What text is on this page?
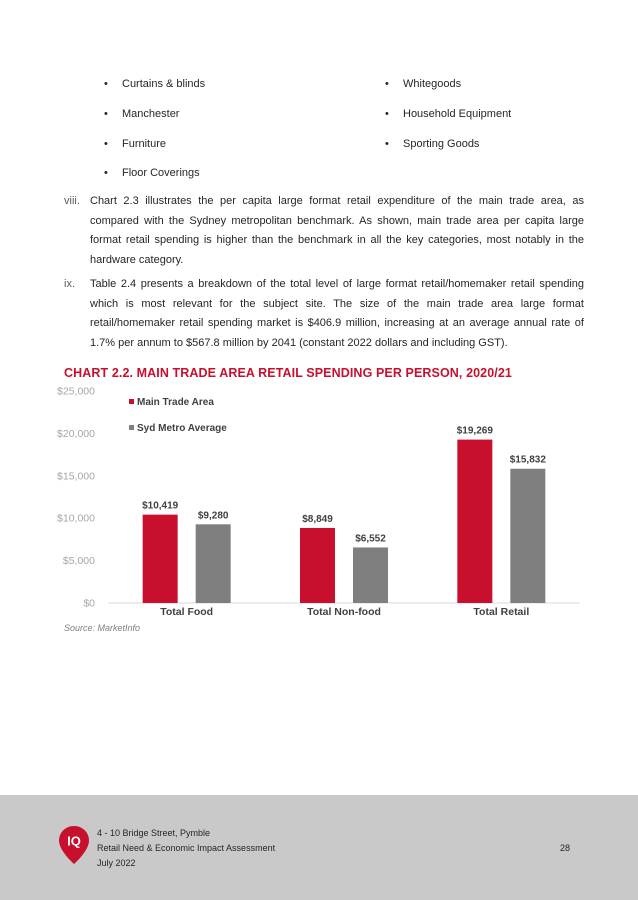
• Curtains & blinds
• Manchester
• Furniture
• Floor Coverings
• Whitegoods
• Household Equipment
• Sporting Goods
viii. Chart 2.3 illustrates the per capita large format retail expenditure of the main trade area, as compared with the Sydney metropolitan benchmark. As shown, main trade area per capita large format retail spending is higher than the benchmark in all the key categories, most notably in the hardware category.
ix.	Table 2.4 presents a breakdown of the total level of large format retail/homemaker retail spending which is most relevant for the subject site. The size of the main trade area large format retail/homemaker retail spending market is $406.9 million, increasing at an average annual rate of 1.7% per annum to $567.8 million by 2041 (constant 2022 dollars and including GST).
CHART 2.2. MAIN TRADE AREA RETAIL SPENDING PER PERSON, 2020/21
$0
$5,000
$10,000
$15,000
$20,000
$25,000
$10,419
$9,280
Total Food
$8,849
$6,552
Total Non-food
$19,269
$15,832
Total Retail
Main Trade Area
Syd Metro Average
Source: MarketInfo
IQ
4 - 10 Bridge Street, Pymble
Retail Need & Economic Impact Assessment
July 2022
28
